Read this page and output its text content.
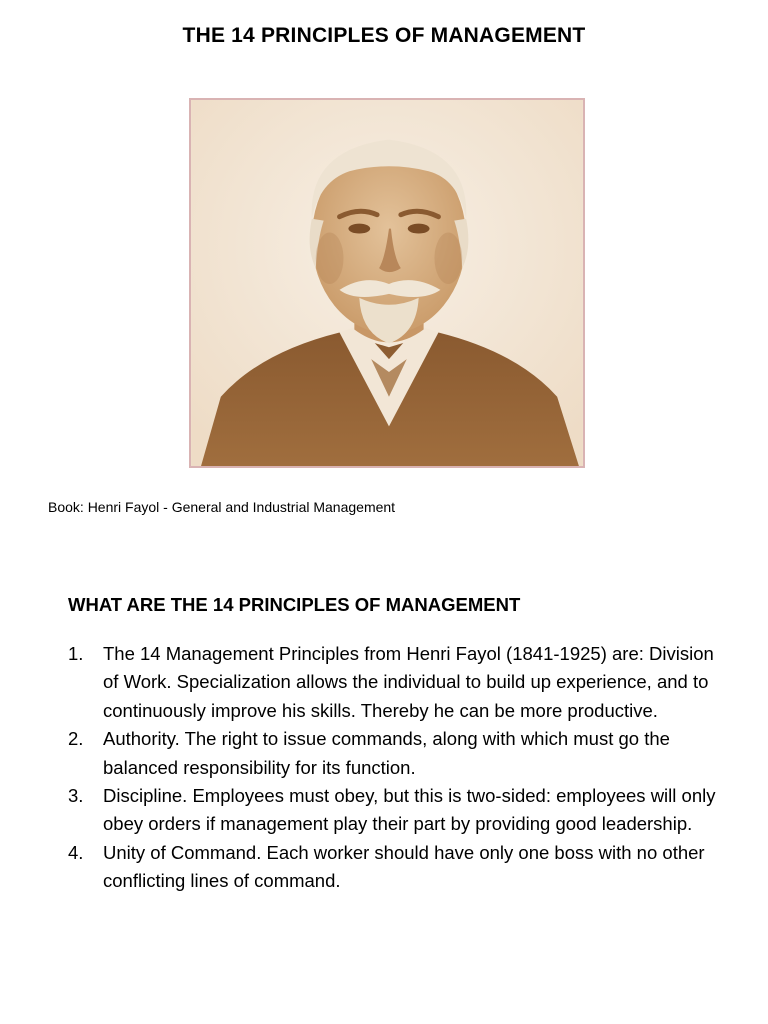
THE 14 PRINCIPLES OF MANAGEMENT
Book: Henri Fayol - General and Industrial Management
WHAT ARE THE 14 PRINCIPLES OF MANAGEMENT
1. The 14 Management Principles from Henri Fayol (1841-1925) are: Division of Work. Specialization allows the individual to build up experience, and to continuously improve his skills. Thereby he can be more productive.
2. Authority. The right to issue commands, along with which must go the balanced responsibility for its function.
3. Discipline. Employees must obey, but this is two-sided: employees will only obey orders if management play their part by providing good leadership.
4. Unity of Command. Each worker should have only one boss with no other conflicting lines of command.
